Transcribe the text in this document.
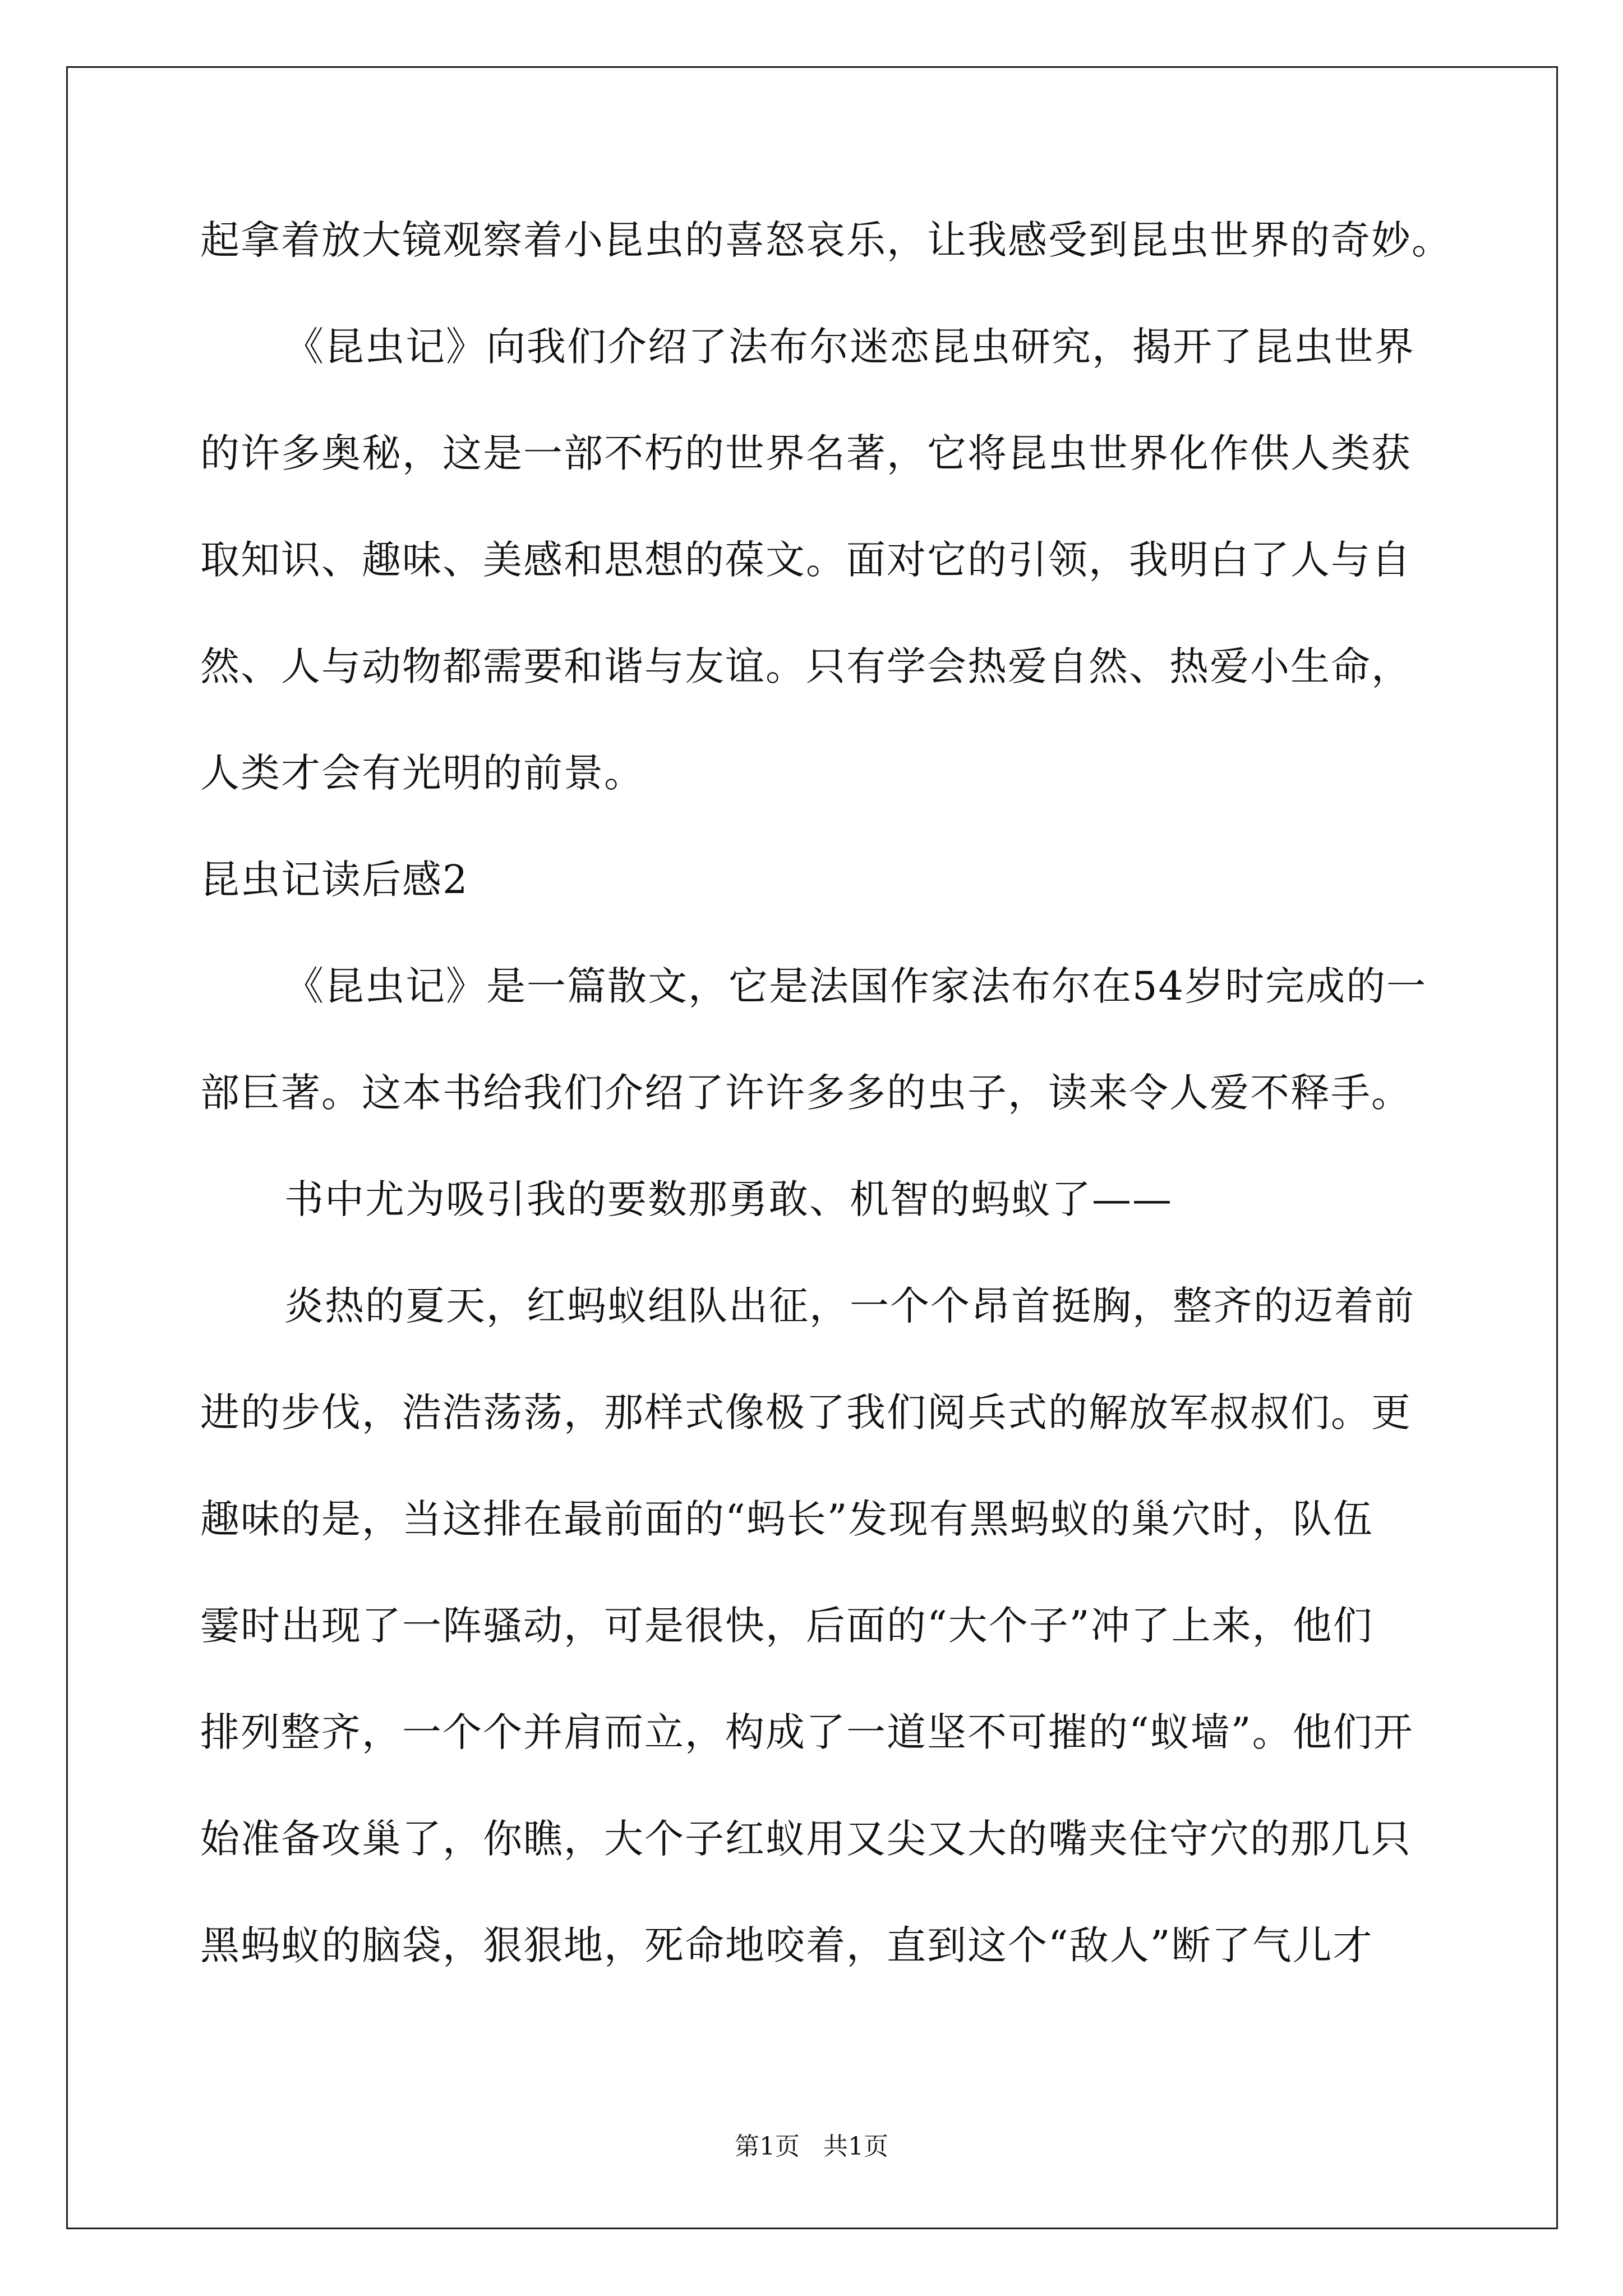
起拿着放大镜观察着小昆虫的喜怒哀乐，让我感受到昆虫世界的奇妙。
《昆虫记》向我们介绍了法布尔迷恋昆虫研究，揭开了昆虫世界
的许多奥秘，这是一部不朽的世界名著，它将昆虫世界化作供人类获
取知识、趣味、美感和思想的葆文。面对它的引领，我明白了人与自
然、人与动物都需要和谐与友谊。只有学会热爱自然、热爱小生命，
人类才会有光明的前景。
昆虫记读后感2
《昆虫记》是一篇散文，它是法国作家法布尔在54岁时完成的一
部巨著。这本书给我们介绍了许许多多的虫子，读来令人爱不释手。
书中尤为吸引我的要数那勇敢、机智的蚂蚁了——
炎热的夏天，红蚂蚁组队出征，一个个昂首挺胸，整齐的迈着前
进的步伐，浩浩荡荡，那样式像极了我们阅兵式的解放军叔叔们。更
趣味的是，当这排在最前面的“蚂长”发现有黑蚂蚁的巢穴时，队伍
霎时出现了一阵骚动，可是很快，后面的“大个子”冲了上来，他们
排列整齐，一个个并肩而立，构成了一道坚不可摧的“蚁墙”。他们开
始准备攻巢了，你瞧，大个子红蚁用又尖又大的嘴夹住守穴的那几只
黑蚂蚁的脑袋，狠狠地，死命地咬着，直到这个“敌人”断了气儿才
第1页 共1页
